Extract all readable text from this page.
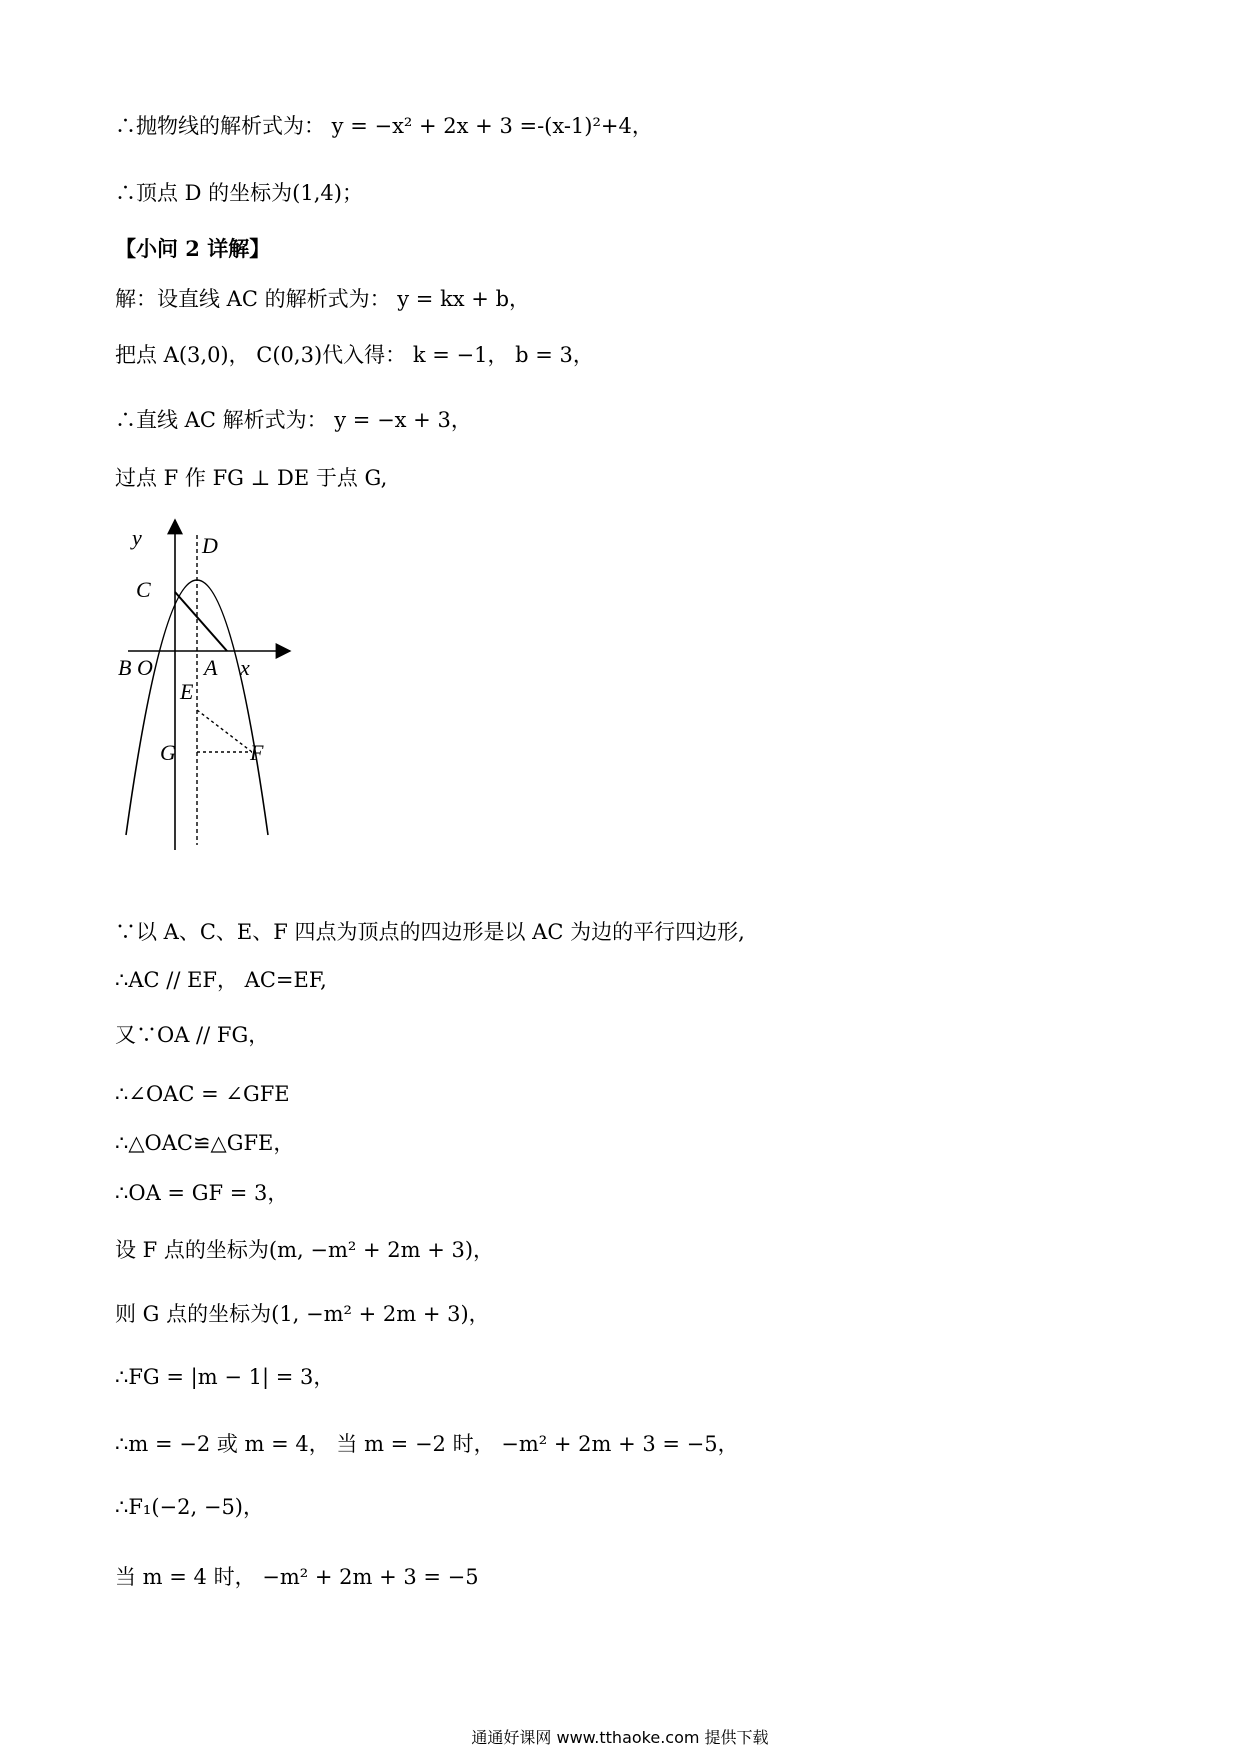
∴抛物线的解析式为： y = −x² + 2x + 3 =-(x-1)²+4，
∴顶点 D 的坐标为(1,4)；
【小问 2 详解】
解：设直线 AC 的解析式为： y = kx + b，
把点 A(3,0)， C(0,3)代入得： k = −1， b = 3，
∴直线 AC 解析式为： y = −x + 3，
过点 F 作 FG ⊥ DE 于点 G,
y	D
C
B O A x
E
G	F
∵以 A、C、E、F 四点为顶点的四边形是以 AC 为边的平行四边形,
∴AC // EF， AC=EF,
又∵OA // FG，
∴∠OAC = ∠GFE
∴△OAC≌△GFE，
∴OA = GF = 3，
设 F 点的坐标为(m, −m² + 2m + 3)，
则 G 点的坐标为(1, −m² + 2m + 3)，
∴FG = |m − 1| = 3，
∴m = −2 或 m = 4， 当 m = −2 时， −m² + 2m + 3 = −5，
∴F₁(−2, −5)，
当 m = 4 时， −m² + 2m + 3 = −5
通通好课网 www.tthaoke.com 提供下载
